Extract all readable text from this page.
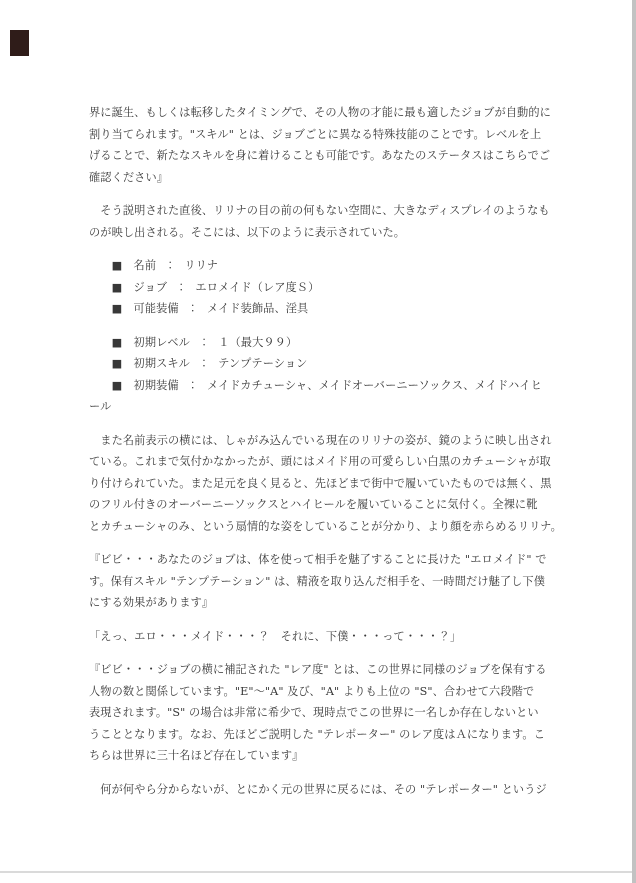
界に誕生、もしくは転移したタイミングで、その人物の才能に最も適したジョブが自動的に
割り当てられます。"スキル" とは、ジョブごとに異なる特殊技能のことです。レベルを上
げることで、新たなスキルを身に着けることも可能です。あなたのステータスはこちらでご
確認ください』
　そう説明された直後、リリナの目の前の何もない空間に、大きなディスプレイのようなも
のが映し出される。そこには、以下のように表示されていた。
　　■　名前　：　リリナ
　　■　ジョブ　：　エロメイド（レア度Ｓ）
　　■　可能装備　：　メイド装飾品、淫具
　　■　初期レベル　：　１（最大９９）
　　■　初期スキル　：　テンプテーション
　　■　初期装備　：　メイドカチューシャ、メイドオーバーニーソックス、メイドハイヒ
ール
　また名前表示の横には、しゃがみ込んでいる現在のリリナの姿が、鏡のように映し出され
ている。これまで気付かなかったが、頭にはメイド用の可愛らしい白黒のカチューシャが取
り付けられていた。また足元を良く見ると、先ほどまで街中で履いていたものでは無く、黒
のフリル付きのオーバーニーソックスとハイヒールを履いていることに気付く。全裸に靴
とカチューシャのみ、という扇情的な姿をしていることが分かり、より顔を赤らめるリリナ。
『ビビ・・・あなたのジョブは、体を使って相手を魅了することに長けた "エロメイド" で
す。保有スキル "テンプテーション" は、精液を取り込んだ相手を、一時間だけ魅了し下僕
にする効果があります』
「えっ、エロ・・・メイド・・・？　それに、下僕・・・って・・・？」
『ビビ・・・ジョブの横に補記された "レア度" とは、この世界に同様のジョブを保有する
人物の数と関係しています。"E"〜"A" 及び、"A" よりも上位の "S"、合わせて六段階で
表現されます。"S" の場合は非常に希少で、現時点でこの世界に一名しか存在しないとい
うこととなります。なお、先ほどご説明した "テレポーター" のレア度はＡになります。こ
ちらは世界に三十名ほど存在しています』
　何が何やら分からないが、とにかく元の世界に戻るには、その "テレポーター" というジ
